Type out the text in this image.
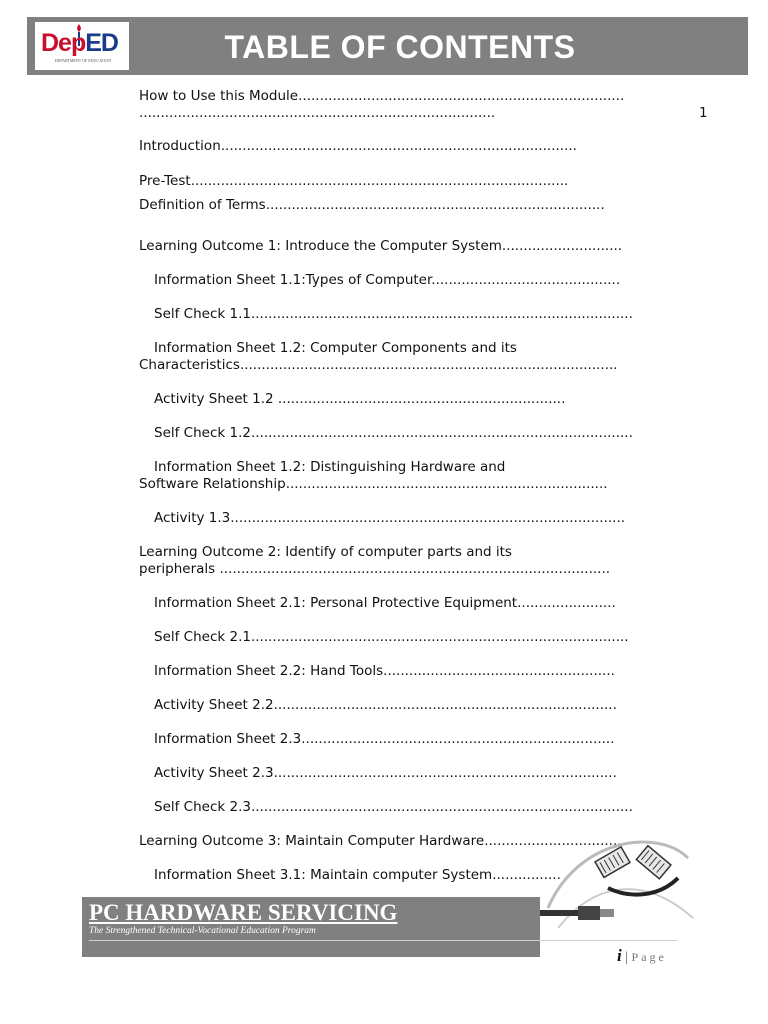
DepED
DEPARTMENT OF EDUCATION	TABLE OF CONTENTS
How to Use this Module............................................................................
...................................................................................	1
Introduction...................................................................................
Pre-Test........................................................................................
Definition of Terms...............................................................................
Learning Outcome 1: Introduce the Computer System............................
Information Sheet 1.1:Types of Computer............................................
Self Check 1.1.........................................................................................
Information Sheet 1.2: Computer Components and its
Characteristics........................................................................................
Activity Sheet 1.2 ...................................................................
Self Check 1.2.........................................................................................
Information Sheet 1.2: Distinguishing Hardware and
Software Relationship...........................................................................
Activity 1.3............................................................................................
Learning Outcome 2: Identify of computer parts and its
peripherals ...........................................................................................
Information Sheet 2.1: Personal Protective Equipment.......................
Self Check 2.1........................................................................................
Information Sheet 2.2: Hand Tools......................................................
Activity Sheet 2.2................................................................................
Information Sheet 2.3.........................................................................
Activity Sheet 2.3................................................................................
Self Check 2.3.........................................................................................
Learning Outcome 3: Maintain Computer Hardware................................
Information Sheet 3.1: Maintain computer System................
PC HARDWARE SERVICING
The Strengthened Technical-Vocational Education Program
i | Page
